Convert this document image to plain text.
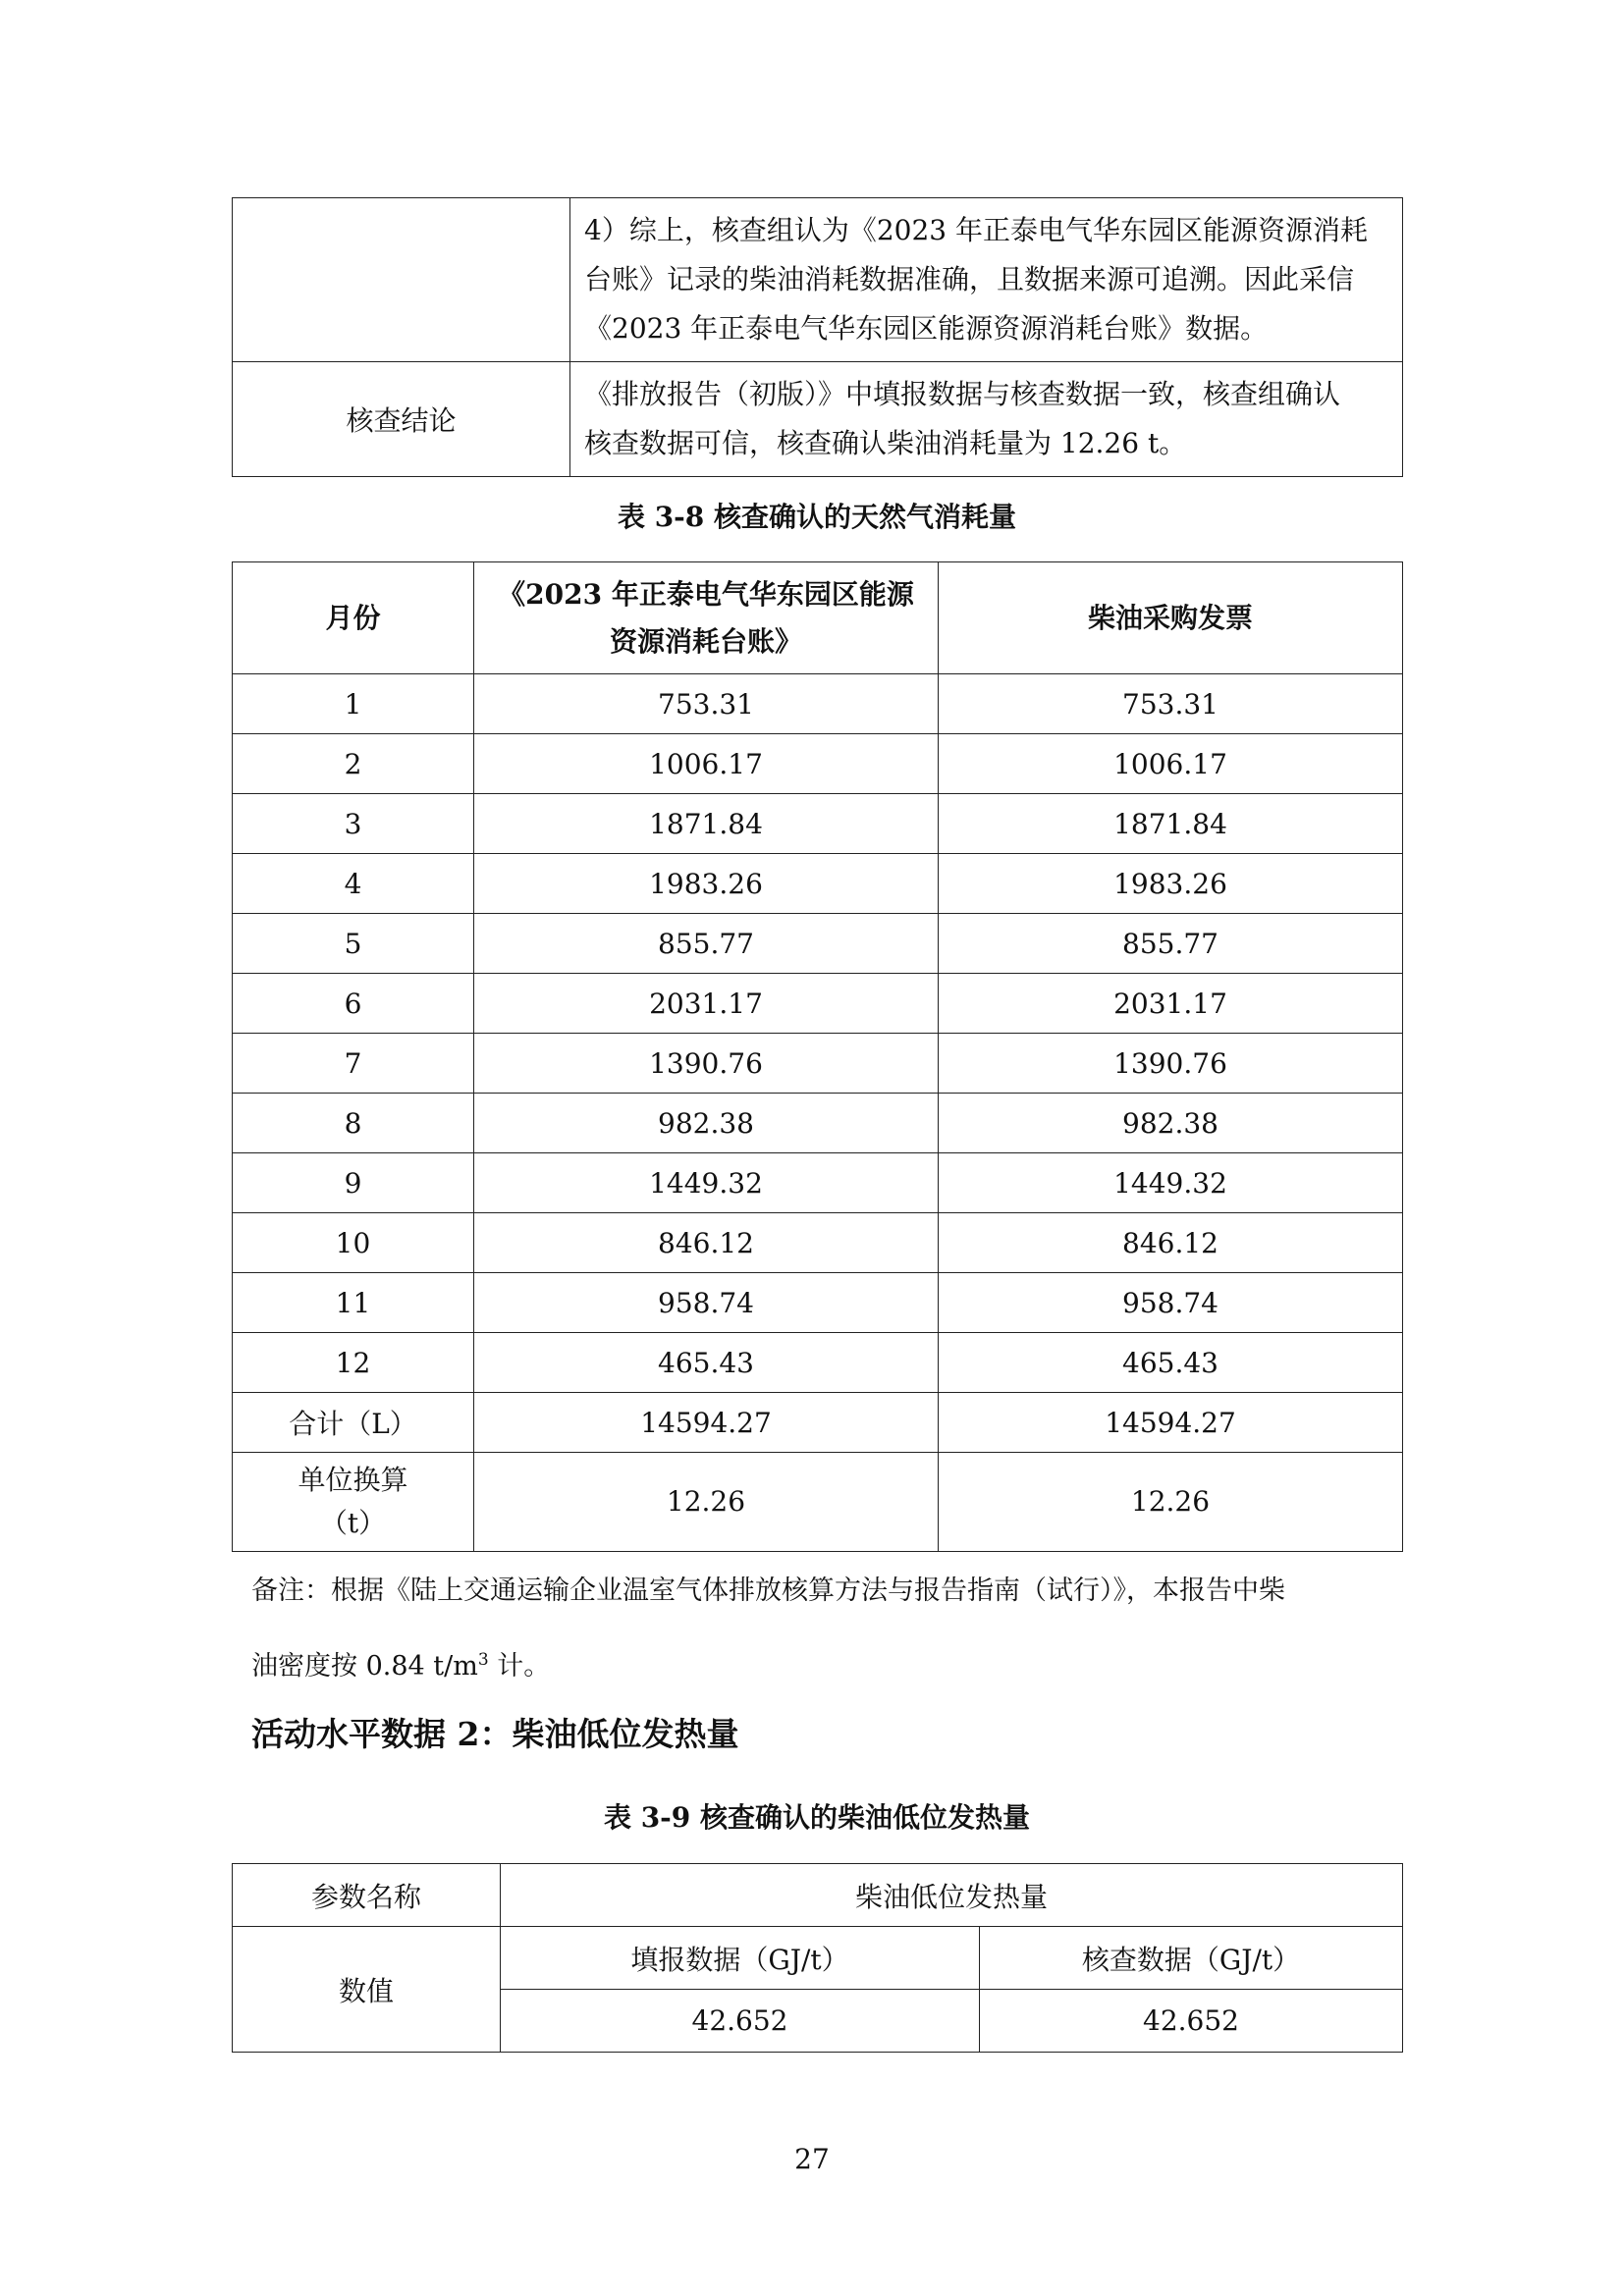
	4）综上，核查组认为《2023 年正泰电气华东园区能源资源消耗
台账》记录的柴油消耗数据准确，且数据来源可追溯。因此采信
《2023 年正泰电气华东园区能源资源消耗台账》数据。

核查结论	《排放报告（初版）》中填报数据与核查数据一致，核查组确认
核查数据可信，核查确认柴油消耗量为 12.26 t。
表 3-8 核查确认的天然气消耗量
月份	《2023 年正泰电气华东园区能源
资源消耗台账》	柴油采购发票
1	753.31	753.31
2	1006.17	1006.17
3	1871.84	1871.84
4	1983.26	1983.26
5	855.77	855.77
6	2031.17	2031.17
7	1390.76	1390.76
8	982.38	982.38
9	1449.32	1449.32
10	846.12	846.12
11	958.74	958.74
12	465.43	465.43
合计（L）	14594.27	14594.27

单位换算
（t）	12.26	12.26
备注：根据《陆上交通运输企业温室气体排放核算方法与报告指南（试行）》，本报告中柴
油密度按 0.84 $t/m^3$ 计。
活动水平数据 2：柴油低位发热量
表 3-9 核查确认的柴油低位发热量
参数名称	柴油低位发热量	
数值	填报数据（GJ/t）	核查数据（GJ/t）
	42.652	42.652
27
